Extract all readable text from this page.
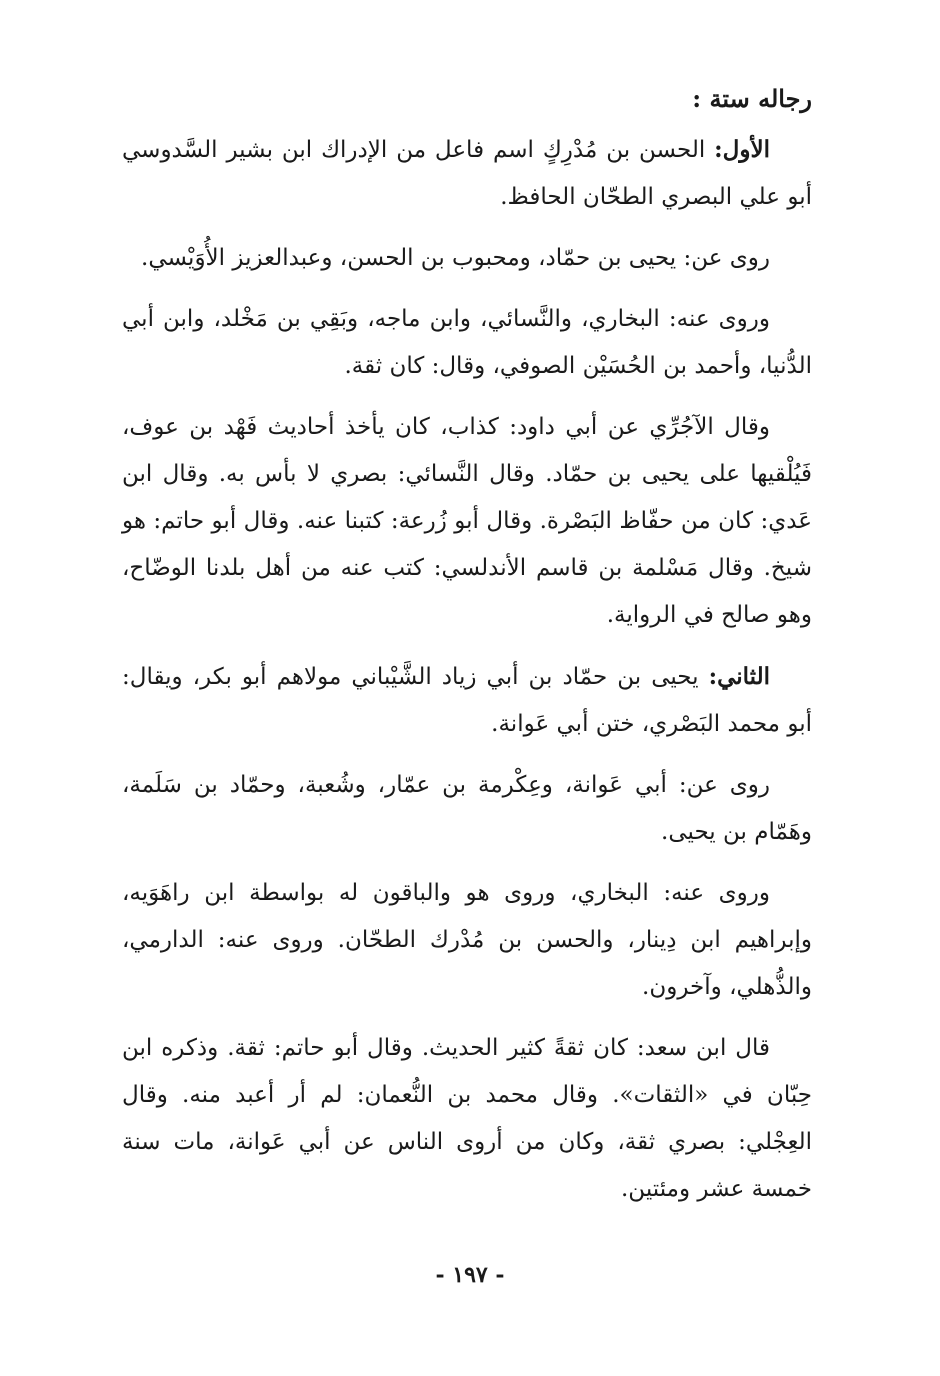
رجاله ستة :

الأول: الحسن بن مُدْرِكٍ اسم فاعل من الإدراك ابن بشير السَّدوسي أبو علي البصري الطحّان الحافظ.

روى عن: يحيى بن حمّاد، ومحبوب بن الحسن، وعبدالعزيز الأُوَيْسي.

وروى عنه: البخاري، والنَّسائي، وابن ماجه، وبَقِي بن مَخْلد، وابن أبي الدُّنيا، وأحمد بن الحُسَيْن الصوفي، وقال: كان ثقة.

وقال الآجُرِّي عن أبي داود: كذاب، كان يأخذ أحاديث فَهْد بن عوف، فَيُلْقيها على يحيى بن حمّاد. وقال النَّسائي: بصري لا بأس به. وقال ابن عَدي: كان من حفّاظ البَصْرة. وقال أبو زُرعة: كتبنا عنه. وقال أبو حاتم: هو شيخ. وقال مَسْلمة بن قاسم الأندلسي: كتب عنه من أهل بلدنا الوضّاح، وهو صالح في الرواية.

الثاني: يحيى بن حمّاد بن أبي زياد الشَّيْباني مولاهم أبو بكر، ويقال: أبو محمد البَصْري، ختن أبي عَوانة.

روى عن: أبي عَوانة، وعِكْرمة بن عمّار، وشُعبة، وحمّاد بن سَلَمة، وهَمّام بن يحيى.

وروى عنه: البخاري، وروى هو والباقون له بواسطة ابن راهَوَيه، وإبراهيم ابن دِينار، والحسن بن مُدْرك الطحّان. وروى عنه: الدارمي، والذُّهلي، وآخرون.

قال ابن سعد: كان ثقةً كثير الحديث. وقال أبو حاتم: ثقة. وذكره ابن حِبّان في «الثقات». وقال محمد بن النُّعمان: لم أر أعبد منه. وقال العِجْلي: بصري ثقة، وكان من أروى الناس عن أبي عَوانة، مات سنة خمسة عشر ومئتين.

- ١٩٧ -
